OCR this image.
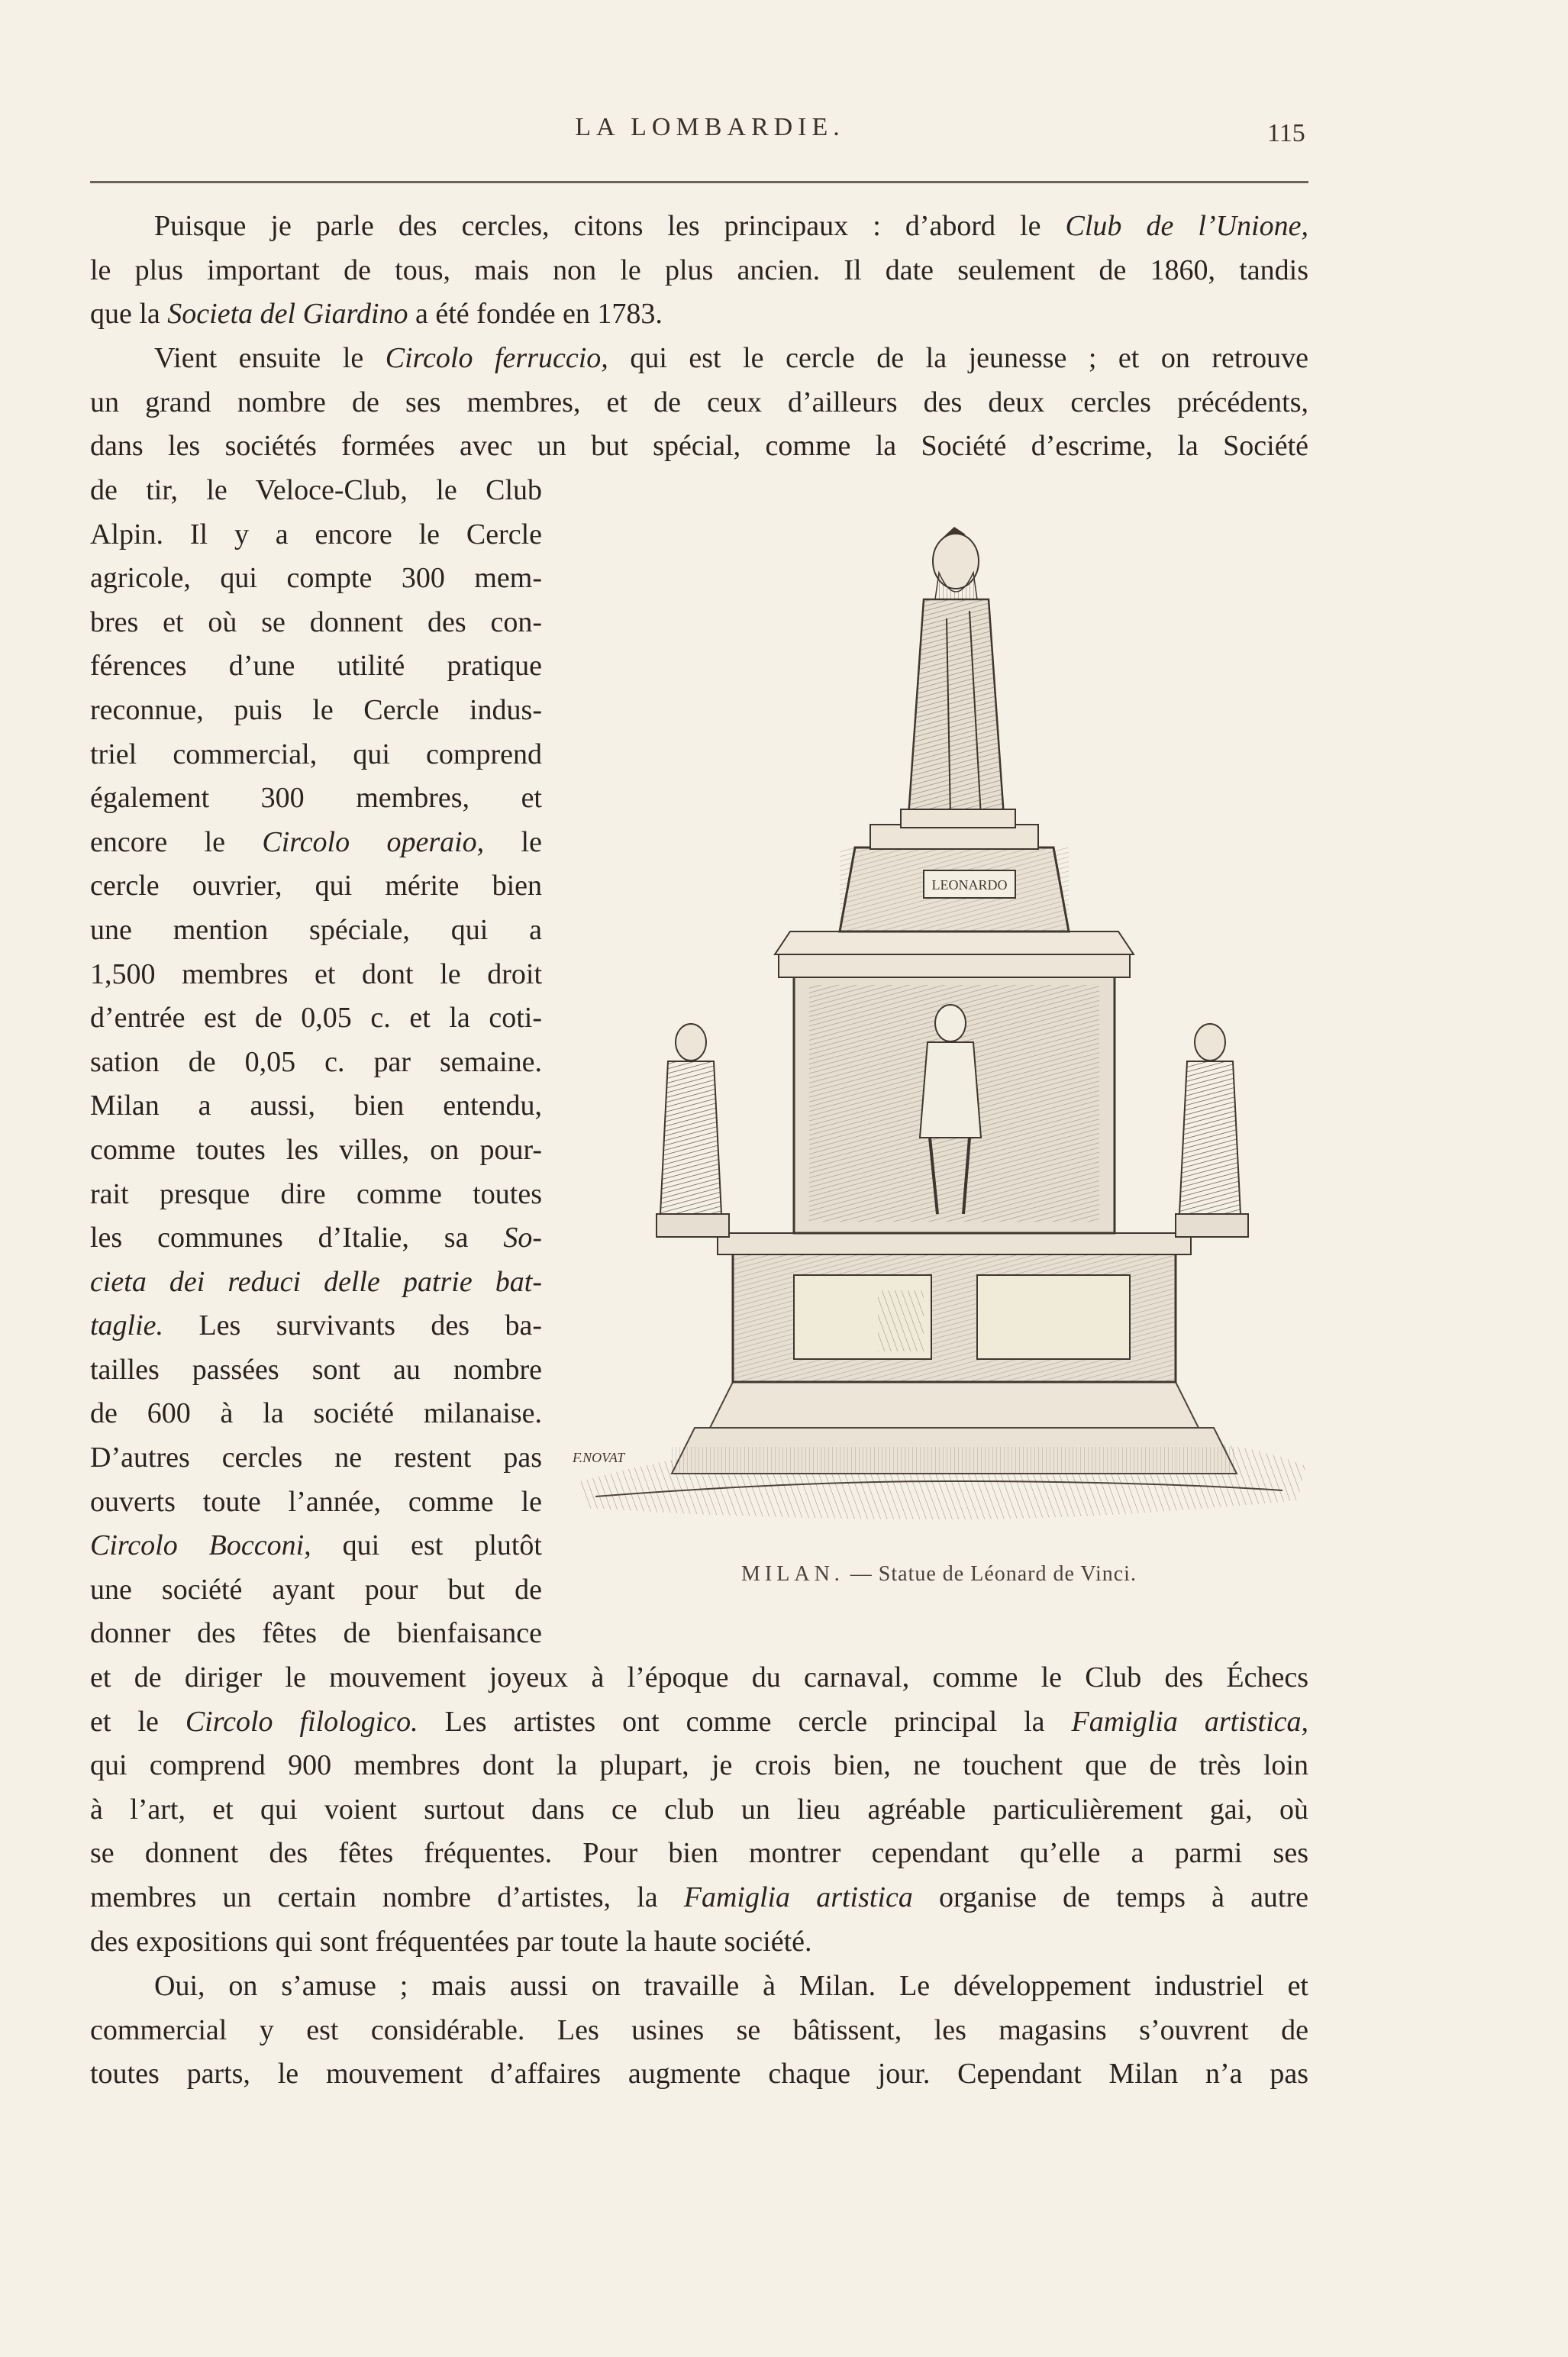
LA LOMBARDIE.	115

Puisque je parle des cercles, citons les principaux : d’abord le Club de l’Unione,
le plus important de tous, mais non le plus ancien. Il date seulement de 1860, tandis
que la Societa del Giardino a été fondée en 1783.

Vient ensuite le Circolo ferruccio, qui est le cercle de la jeunesse ; et on retrouve
un grand nombre de ses membres, et de ceux d’ailleurs des deux cercles précédents,
dans les sociétés formées avec un but spécial, comme la Société d’escrime, la Société

de tir, le Veloce-Club, le Club
Alpin. Il y a encore le Cercle
agricole, qui compte 300 mem-
bres et où se donnent des con-
férences d’une utilité pratique
reconnue, puis le Cercle indus-
triel commercial, qui comprend
également 300 membres, et
encore le Circolo operaio, le
cercle ouvrier, qui mérite bien
une mention spéciale, qui a
1,500 membres et dont le droit
d’entrée est de 0,05 c. et la coti-
sation de 0,05 c. par semaine.
Milan a aussi, bien entendu,
comme toutes les villes, on pour-
rait presque dire comme toutes
les communes d’Italie, sa So-
cieta dei reduci delle patrie bat-
taglie. Les survivants des ba-
tailles passées sont au nombre
de 600 à la société milanaise.
D’autres cercles ne restent pas
ouverts toute l’année, comme le
Circolo Bocconi, qui est plutôt
une société ayant pour but de
donner des fêtes de bienfaisance

et de diriger le mouvement joyeux à l’époque du carnaval, comme le Club des Échecs
et le Circolo filologico. Les artistes ont comme cercle principal la Famiglia artistica,
qui comprend 900 membres dont la plupart, je crois bien, ne touchent que de très loin
à l’art, et qui voient surtout dans ce club un lieu agréable particulièrement gai, où
se donnent des fêtes fréquentes. Pour bien montrer cependant qu’elle a parmi ses
membres un certain nombre d’artistes, la Famiglia artistica organise de temps à autre
des expositions qui sont fréquentées par toute la haute société.

Oui, on s’amuse ; mais aussi on travaille à Milan. Le développement industriel et
commercial y est considérable. Les usines se bâtissent, les magasins s’ouvrent de
toutes parts, le mouvement d’affaires augmente chaque jour. Cependant Milan n’a pas

LEONARDO
F.NOVAT
MILAN. — Statue de Léonard de Vinci.
